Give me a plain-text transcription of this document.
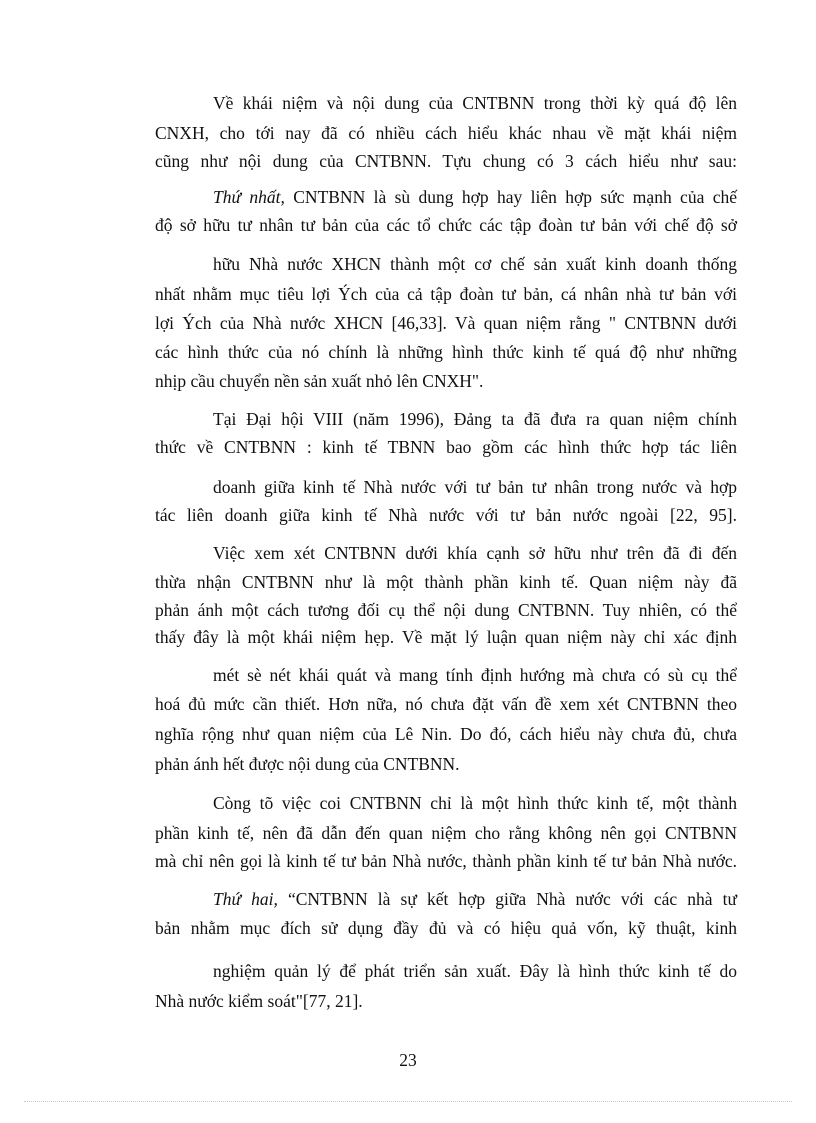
Về khái niệm và nội dung của CNTBNN trong thời kỳ quá độ lên
CNXH, cho tới nay đã có nhiều cách hiểu khác nhau về mặt khái niệm
cũng như nội dung của CNTBNN. Tựu chung có 3 cách hiểu như sau:
Thứ nhất, CNTBNN là sù dung hợp hay liên hợp sức mạnh của chế
độ sở hữu tư nhân tư bản của các tổ chức các tập đoàn tư bản với chế độ sở
hữu Nhà nước XHCN thành một cơ chế sản xuất kinh doanh thống
nhất nhằm mục tiêu lợi Ých của cả tập đoàn tư bản, cá nhân nhà tư bản với
lợi Ých của Nhà nước XHCN [46,33]. Và quan niệm rằng " CNTBNN dưới
các hình thức của nó chính là những hình thức kinh tế quá độ như những
nhịp cầu chuyển nền sản xuất nhỏ lên CNXH".
Tại Đại hội VIII (năm 1996), Đảng ta đã đưa ra quan niệm chính
thức về CNTBNN : kinh tế TBNN bao gồm các hình thức hợp tác liên
doanh giữa kinh tế Nhà nước với tư bản tư nhân trong nước và hợp
tác liên doanh giữa kinh tế Nhà nước với tư bản nước ngoài [22, 95].
Việc xem xét CNTBNN dưới khía cạnh sở hữu như trên đã đi đến
thừa nhận CNTBNN như là một thành phần kinh tế. Quan niệm này đã
phản ánh một cách tương đối cụ thể nội dung CNTBNN. Tuy nhiên, có thể
thấy đây là một khái niệm hẹp. Về mặt lý luận quan niệm này chỉ xác định
mét sè nét khái quát và mang tính định hướng mà chưa có sù cụ thể
hoá đủ mức cần thiết. Hơn nữa, nó chưa đặt vấn đề xem xét CNTBNN theo
nghĩa rộng như quan niệm của Lê Nin. Do đó, cách hiểu này chưa đủ, chưa
phản ánh hết được nội dung của CNTBNN.
Còng tõ việc coi CNTBNN chỉ là một hình thức kinh tế, một thành
phần kinh tế, nên đã dẫn đến quan niệm cho rằng không nên gọi CNTBNN
mà chỉ nên gọi là kinh tế tư bản Nhà nước, thành phần kinh tế tư bản Nhà nước.
Thứ hai, “CNTBNN là sự kết hợp giữa Nhà nước với các nhà tư
bản nhằm mục đích sử dụng đầy đủ và có hiệu quả vốn, kỹ thuật, kinh
nghiệm quản lý để phát triển sản xuất. Đây là hình thức kinh tế do
Nhà nước kiểm soát"[77, 21].
23
